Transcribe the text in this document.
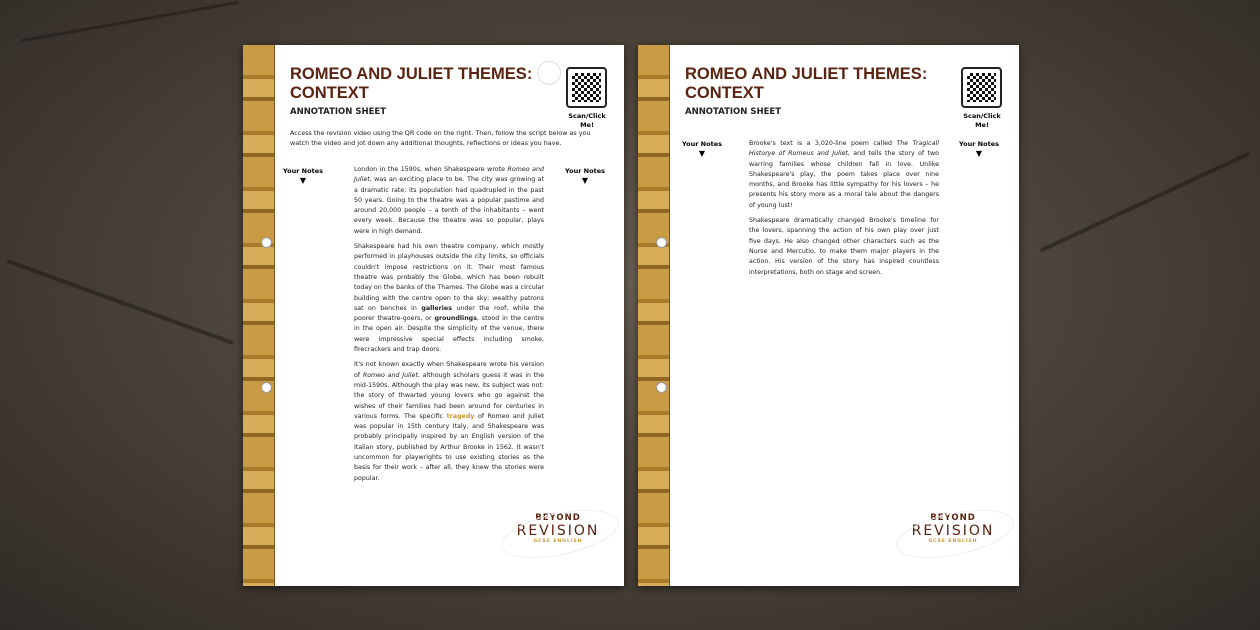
ROMEO AND JULIET THEMES: CONTEXT
ANNOTATION SHEET	Scan/Click Me!
Access the revision video using the QR code on the right. Then, follow the script below as you watch the video and jot down any additional thoughts, reflections or ideas you have.
Your Notes
▼
Your Notes
▼

London in the 1590s, when Shakespeare wrote Romeo and Juliet, was an exciting place to be. The city was growing at a dramatic rate; its population had quadrupled in the past 50 years. Going to the theatre was a popular pastime and around 20,000 people – a tenth of the inhabitants – went every week. Because the theatre was so popular, plays were in high demand.

Shakespeare had his own theatre company, which mostly performed in playhouses outside the city limits, so officials couldn't impose restrictions on it. Their most famous theatre was probably the Globe, which has been rebuilt today on the banks of the Thames. The Globe was a circular building with the centre open to the sky; wealthy patrons sat on benches in galleries under the roof, while the poorer theatre-goers, or groundlings, stood in the centre in the open air. Despite the simplicity of the venue, there were impressive special effects including smoke, firecrackers and trap doors.

It's not known exactly when Shakespeare wrote his version of Romeo and Juliet, although scholars guess it was in the mid-1590s. Although the play was new, its subject was not: the story of thwarted young lovers who go against the wishes of their families had been around for centuries in various forms. The specific tragedy of Romeo and Juliet was popular in 15th century Italy, and Shakespeare was probably principally inspired by an English version of the Italian story, published by Arthur Brooke in 1562. It wasn't uncommon for playwrights to use existing stories as the basis for their work – after all, they knew the stories were popular.

BEYOND
REVISION
GCSE ENGLISH
ROMEO AND JULIET THEMES: CONTEXT
ANNOTATION SHEET	Scan/Click Me!
Your Notes
▼
Your Notes
▼

Brooke's text is a 3,020-line poem called The Tragicall Historye of Romeus and Juliet, and tells the story of two warring families whose children fall in love. Unlike Shakespeare's play, the poem takes place over nine months, and Brooke has little sympathy for his lovers – he presents his story more as a moral tale about the dangers of young lust!

Shakespeare dramatically changed Brooke's timeline for the lovers, spanning the action of his own play over just five days. He also changed other characters such as the Nurse and Mercutio, to make them major players in the action. His version of the story has inspired countless interpretations, both on stage and screen.

BEYOND
REVISION
GCSE ENGLISH
